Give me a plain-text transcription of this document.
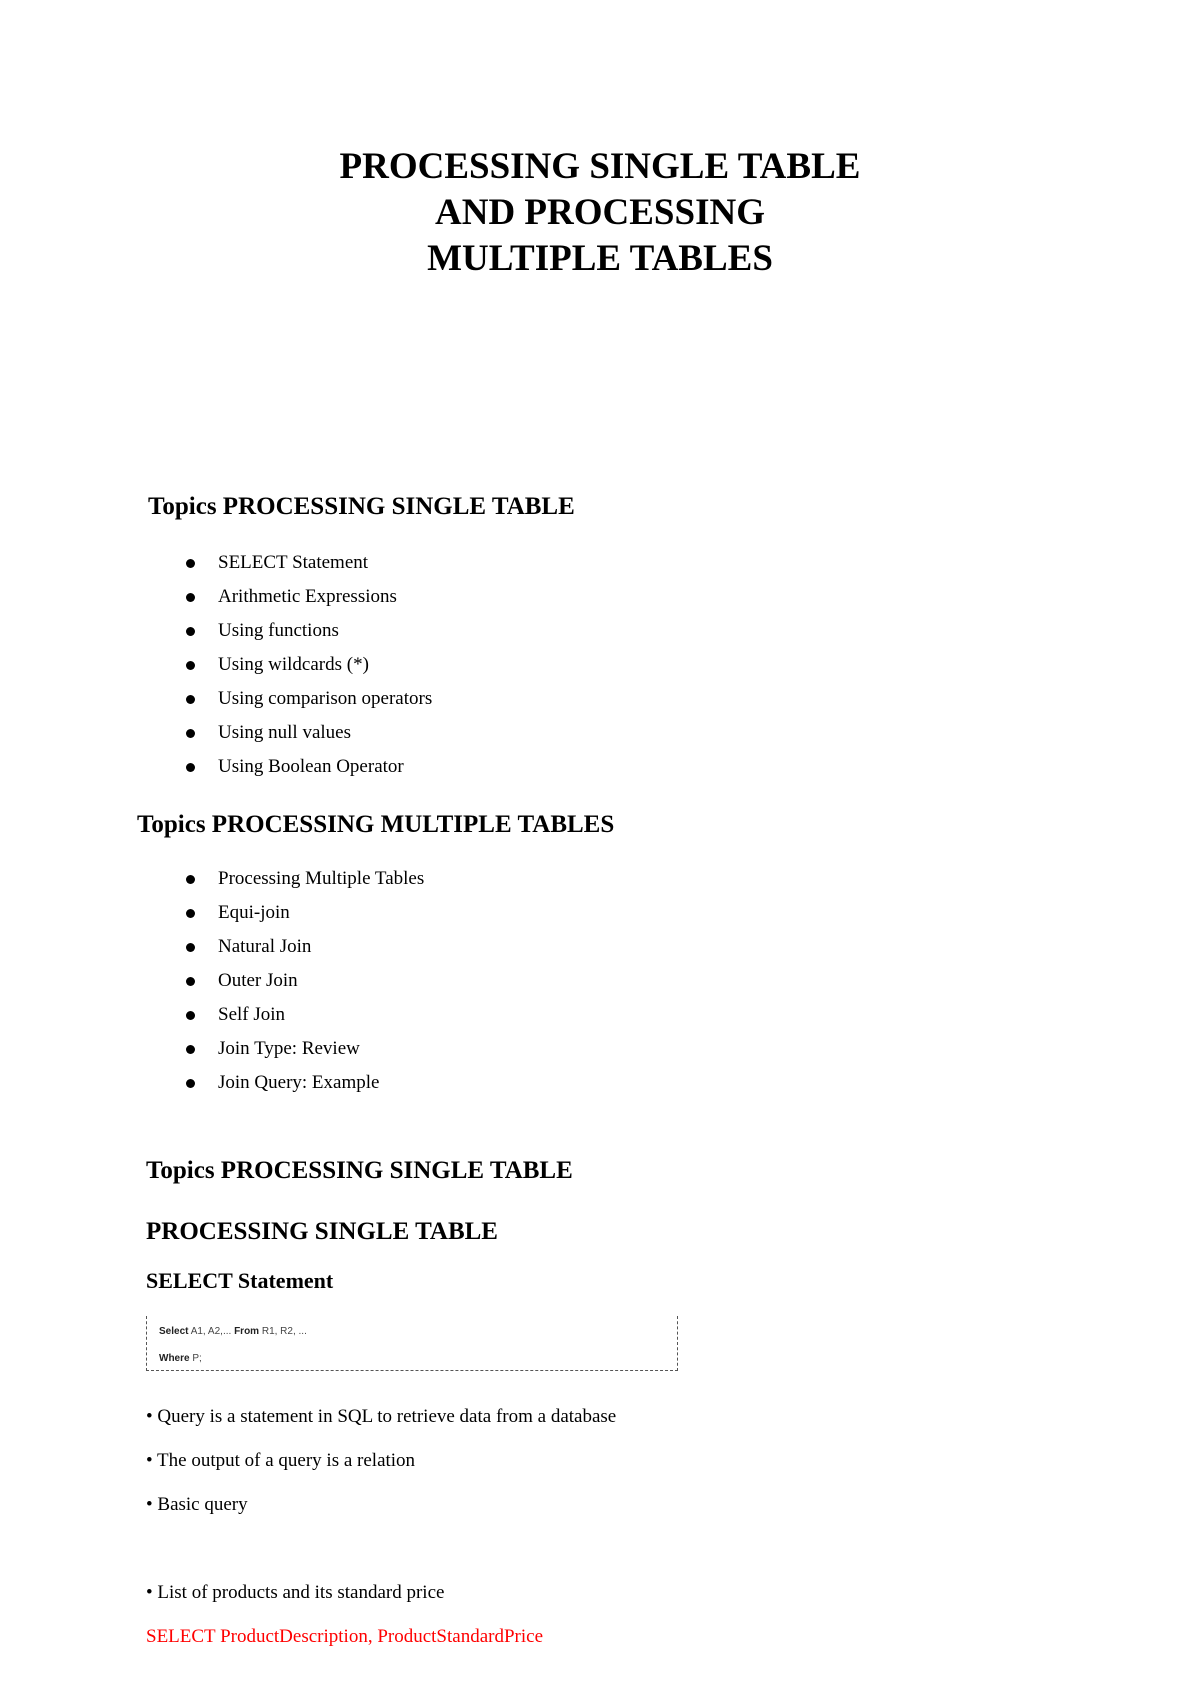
PROCESSING SINGLE TABLE
AND PROCESSING
MULTIPLE TABLES
Topics PROCESSING SINGLE TABLE
SELECT Statement
Arithmetic Expressions
Using functions
Using wildcards (*)
Using comparison operators
Using null values
Using Boolean Operator
Topics PROCESSING MULTIPLE TABLES
Processing Multiple Tables
Equi-join
Natural Join
Outer Join
Self Join
Join Type: Review
Join Query: Example
Topics PROCESSING SINGLE TABLE
PROCESSING SINGLE TABLE
SELECT Statement
Select A1, A2,... From R1, R2, ...
Where P;

• Query is a statement in SQL to retrieve data from a database

• The output of a query is a relation

• Basic query

• List of products and its standard price

SELECT ProductDescription, ProductStandardPrice
